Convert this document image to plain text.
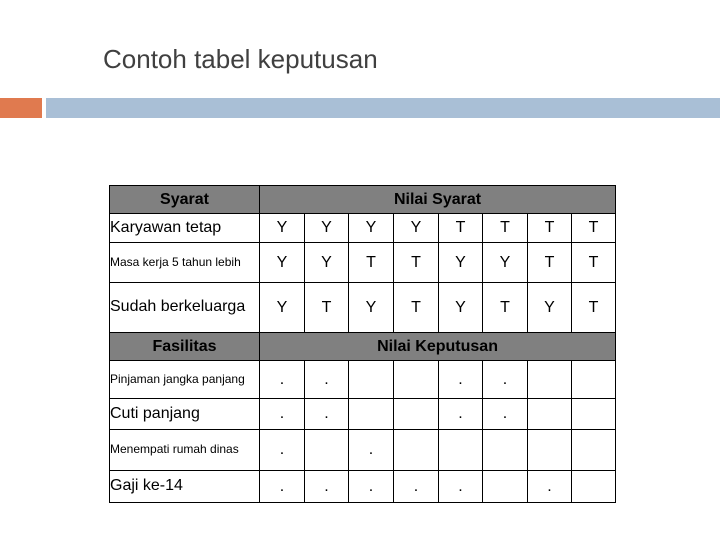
Contoh tabel keputusan
Syarat	Nilai Syarat							
Karyawan tetap	Y	Y	Y	Y	T	T	T	T
Masa kerja 5 tahun lebih	Y	Y	T	T	Y	Y	T	T
Sudah berkeluarga	Y	T	Y	T	Y	T	Y	T
Fasilitas	Nilai Keputusan							
Pinjaman jangka panjang	.	.			.	.		
Cuti panjang	.	.			.	.		
Menempati rumah dinas	.		.					
Gaji ke-14	.	.	.	.	.		.	
